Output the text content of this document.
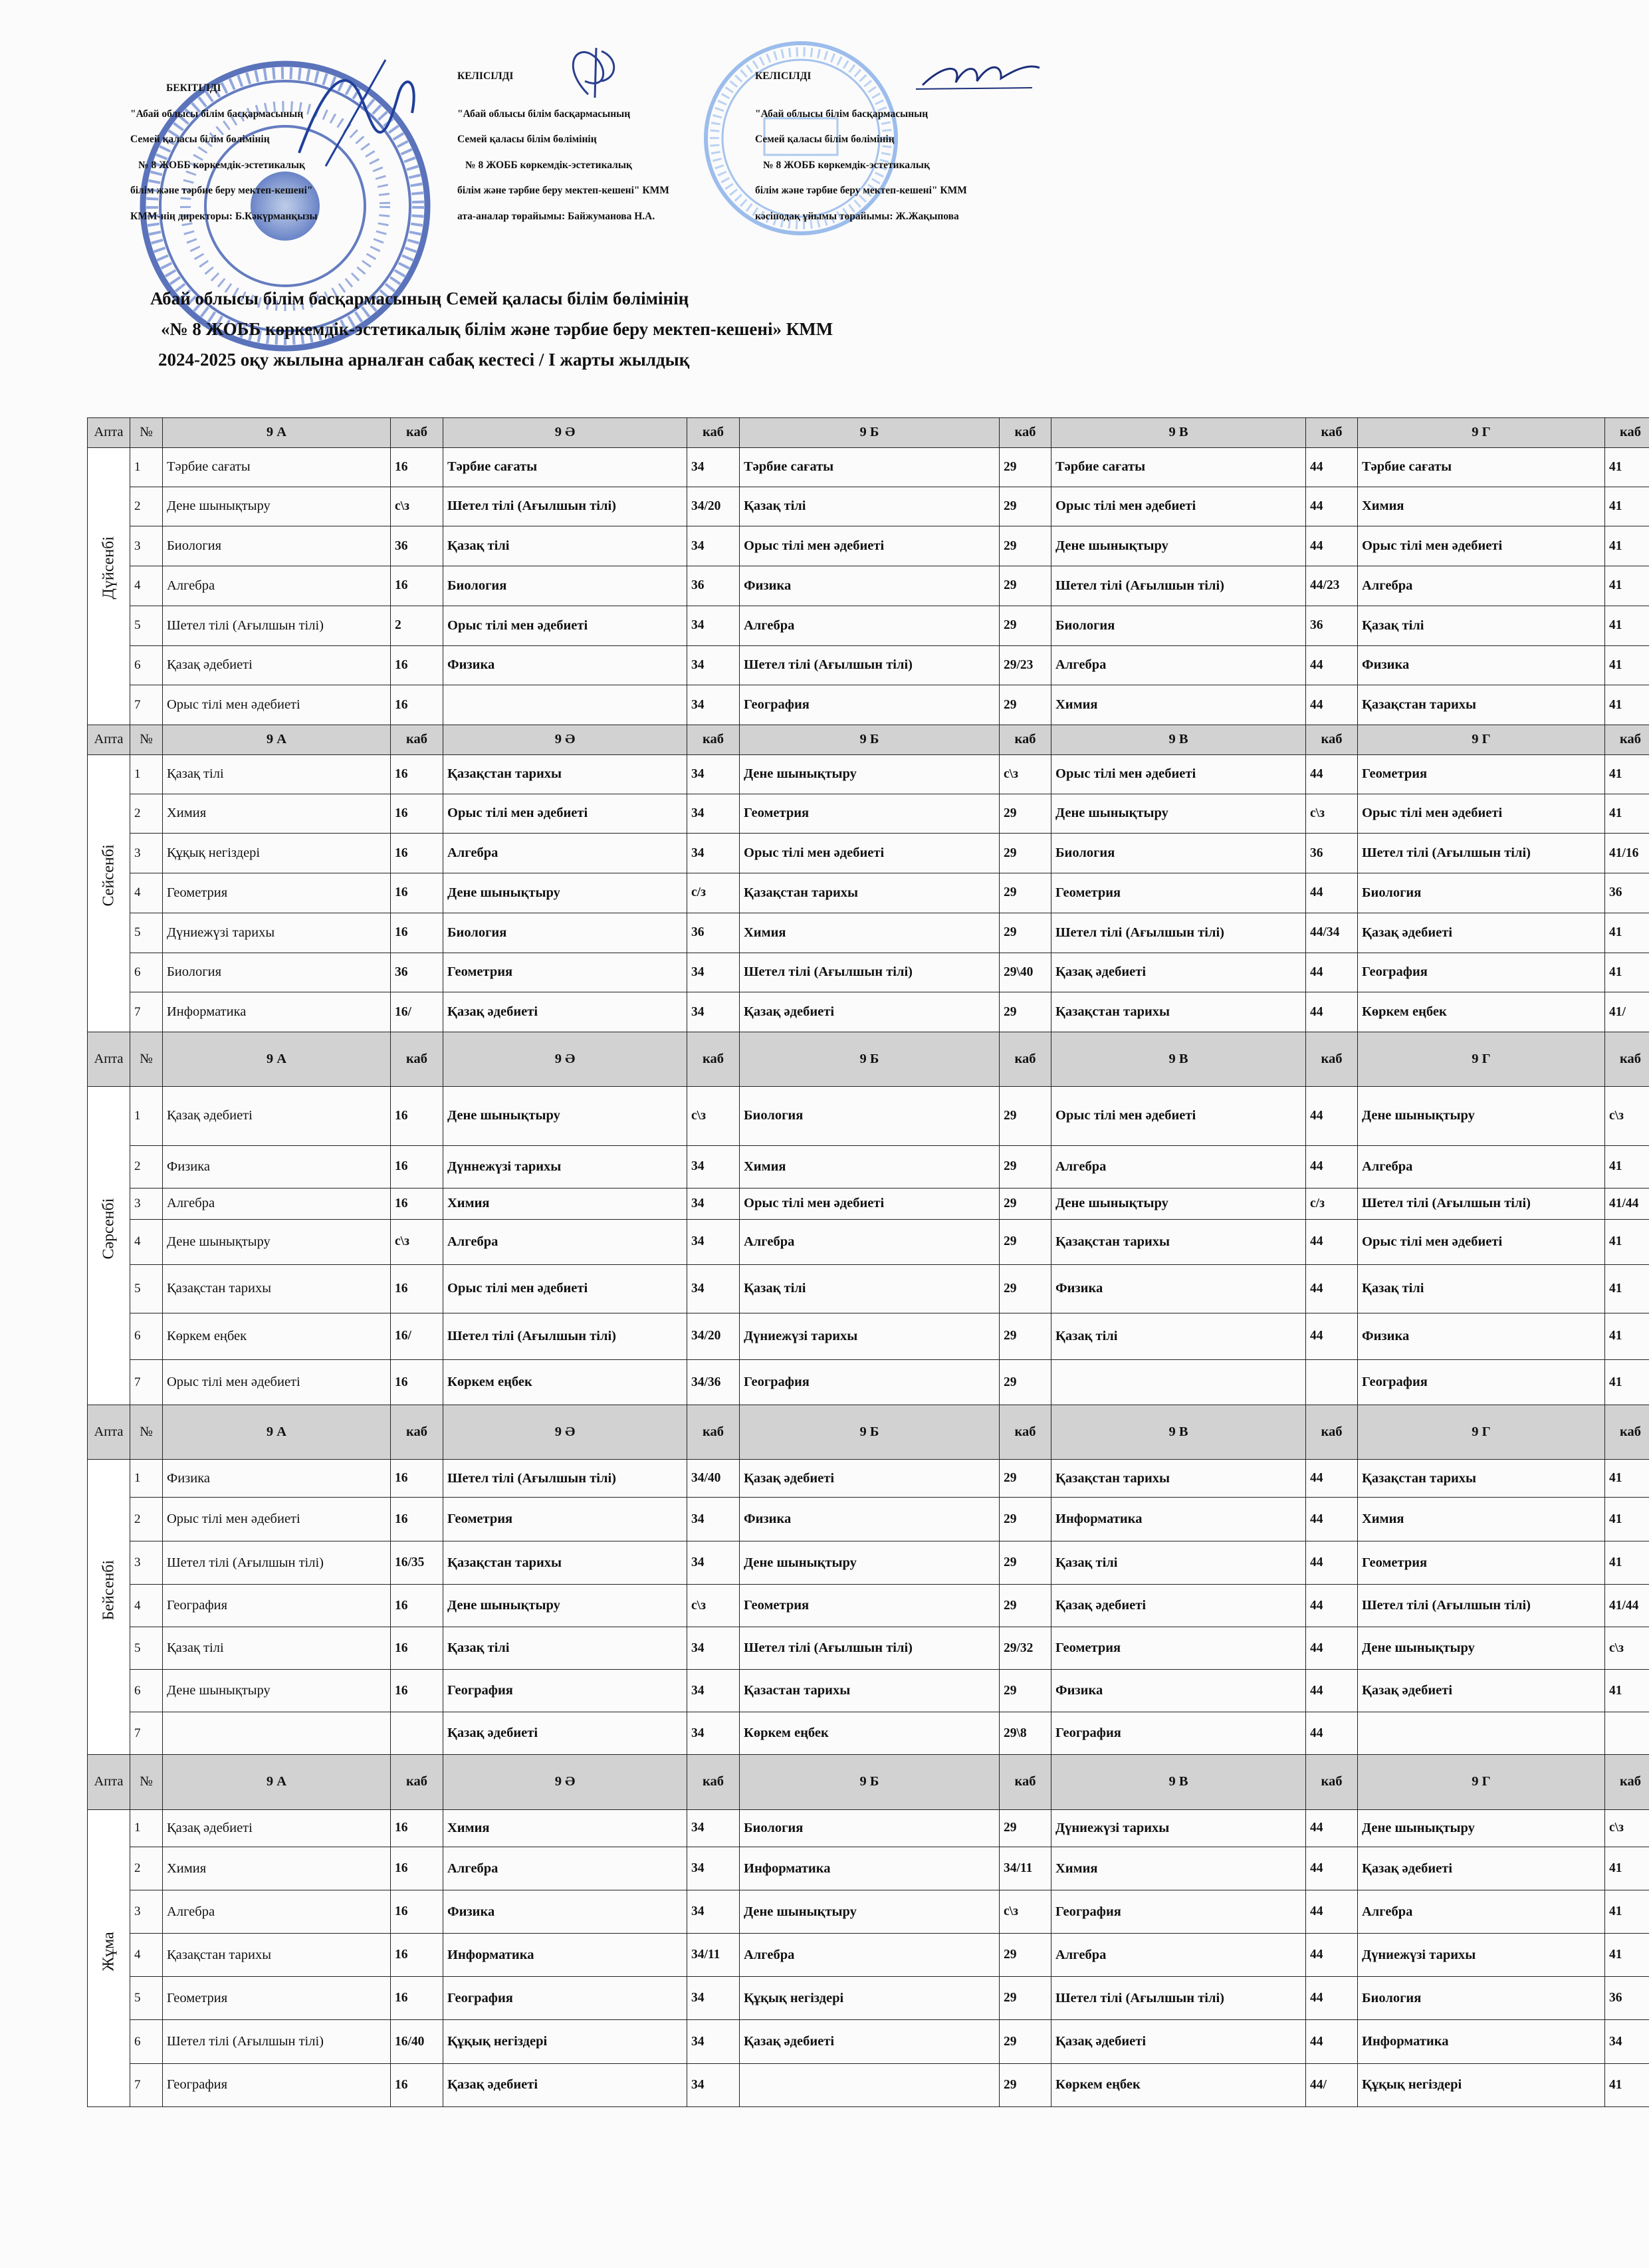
БЕКІТІЛДІ
"Абай облысы білім басқармасының
Семей қаласы білім бөлімінің
№ 8 ЖОББ көркемдік-эстетикалық
білім және тәрбие беру мектеп-кешені"
КММ-нің директоры: Б.Кәкүрманқызы
КЕЛІСІЛДІ
"Абай облысы білім басқармасының
Семей қаласы білім бөлімінің
№ 8 ЖОББ көркемдік-эстетикалық
білім және тәрбие беру мектеп-кешені" КММ
ата-аналар төрайымы: Байжуманова Н.А.
КЕЛІСІЛДІ
"Абай облысы білім басқармасының
Семей қаласы білім бөлімінің
№ 8 ЖОББ көркемдік-эстетикалық
білім және тәрбие беру мектеп-кешені" КММ
кәсіподақ ұйымы төрайымы: Ж.Жақыпова
Абай облысы білім басқармасының Семей қаласы білім бөлімінің
«№ 8 ЖОББ көркемдік-эстетикалық білім және тәрбие беру мектеп-кешені» КММ
2024-2025 оқу жылына арналған сабақ кестесі / І жарты жылдық
Апта	№	9 А	каб	9 Ә	каб	9 Б	каб	9 В	каб	9 Г	каб

Дүйсенбі	1	Тәрбие сағаты	16	Тәрбие сағаты	34	Тәрбие сағаты	29	Тәрбие сағаты	44	Тәрбие сағаты	41
	2	Дене шынықтыру	с\з	Шетел тілі (Ағылшын тілі)	34/20	Қазақ тілі	29	Орыс тілі мен әдебиеті	44	Химия	41
	3	Биология	36	Қазақ тілі	34	Орыс тілі мен әдебиеті	29	Дене шынықтыру	44	Орыс тілі мен әдебиеті	41
	4	Алгебра	16	Биология	36	Физика	29	Шетел тілі (Ағылшын тілі)	44/23	Алгебра	41
	5	Шетел тілі (Ағылшын тілі)	2	Орыс тілі мен әдебиеті	34	Алгебра	29	Биология	36	Қазақ тілі	41
	6	Қазақ әдебиеті	16	Физика	34	Шетел тілі (Ағылшын тілі)	29/23	Алгебра	44	Физика	41
	7	Орыс тілі мен әдебиеті	16		34	География	29	Химия	44	Қазақстан тарихы	41
Апта	№	9 А	каб	9 Ә	каб	9 Б	каб	9 В	каб	9 Г	каб

Сейсенбі	1	Қазақ тілі	16	Қазақстан тарихы	34	Дене шынықтыру	с\з	Орыс тілі мен әдебиеті	44	Геометрия	41
	2	Химия	16	Орыс тілі мен әдебиеті	34	Геометрия	29	Дене шынықтыру	с\з	Орыс тілі мен әдебиеті	41
	3	Құқық негіздері	16	Алгебра	34	Орыс тілі мен әдебиеті	29	Биология	36	Шетел тілі (Ағылшын тілі)	41/16
	4	Геометрия	16	Дене шынықтыру	с/з	Қазақстан тарихы	29	Геометрия	44	Биология	36
	5	Дүниежүзі тарихы	16	Биология	36	Химия	29	Шетел тілі (Ағылшын тілі)	44/34	Қазақ әдебиеті	41
	6	Биология	36	Геометрия	34	Шетел тілі (Ағылшын тілі)	29\40	Қазақ әдебиеті	44	География	41
	7	Информатика	16/	Қазақ әдебиеті	34	Қазақ әдебиеті	29	Қазақстан тарихы	44	Көркем еңбек	41/
Апта	№	9 А	каб	9 Ә	каб	9 Б	каб	9 В	каб	9 Г	каб

Сәрсенбі	1	Қазақ әдебиеті	16	Дене шынықтыру	с\з	Биология	29	Орыс тілі мен әдебиеті	44	Дене шынықтыру	с\з
	2	Физика	16	Дүннежүзі тарихы	34	Химия	29	Алгебра	44	Алгебра	41
	3	Алгебра	16	Химия	34	Орыс тілі мен әдебиеті	29	Дене шынықтыру	с/з	Шетел тілі (Ағылшын тілі)	41/44
	4	Дене шынықтыру	с\з	Алгебра	34	Алгебра	29	Қазақстан тарихы	44	Орыс тілі мен әдебиеті	41
	5	Қазақстан тарихы	16	Орыс тілі мен әдебиеті	34	Қазақ тілі	29	Физика	44	Қазақ тілі	41
	6	Көркем еңбек	16/	Шетел тілі (Ағылшын тілі)	34/20	Дүниежүзі тарихы	29	Қазақ тілі	44	Физика	41
	7	Орыс тілі мен әдебиеті	16	Көркем еңбек	34/36	География	29			География	41
Апта	№	9 А	каб	9 Ә	каб	9 Б	каб	9 В	каб	9 Г	каб

Бейсенбі	1	Физика	16	Шетел тілі (Ағылшын тілі)	34/40	Қазақ әдебиеті	29	Қазақстан тарихы	44	Қазақстан тарихы	41
	2	Орыс тілі мен әдебиеті	16	Геометрия	34	Физика	29	Информатика	44	Химия	41
	3	Шетел тілі (Ағылшын тілі)	16/35	Қазақстан тарихы	34	Дене шынықтыру	29	Қазақ тілі	44	Геометрия	41
	4	География	16	Дене шынықтыру	с\з	Геометрия	29	Қазақ әдебиеті	44	Шетел тілі (Ағылшын тілі)	41/44
	5	Қазақ тілі	16	Қазақ тілі	34	Шетел тілі (Ағылшын тілі)	29/32	Геометрия	44	Дене шынықтыру	с\з
	6	Дене шынықтыру	16	География	34	Қазастан тарихы	29	Физика	44	Қазақ әдебиеті	41
	7			Қазақ әдебиеті	34	Көркем еңбек	29\8	География	44		
Апта	№	9 А	каб	9 Ә	каб	9 Б	каб	9 В	каб	9 Г	каб

Жұма	1	Қазақ әдебиеті	16	Химия	34	Биология	29	Дүниежүзі тарихы	44	Дене шынықтыру	с\з
	2	Химия	16	Алгебра	34	Информатика	34/11	Химия	44	Қазақ әдебиеті	41
	3	Алгебра	16	Физика	34	Дене шынықтыру	с\з	География	44	Алгебра	41
	4	Қазақстан тарихы	16	Информатика	34/11	Алгебра	29	Алгебра	44	Дүниежүзі тарихы	41
	5	Геометрия	16	География	34	Құқық негіздері	29	Шетел тілі (Ағылшын тілі)	44	Биология	36
	6	Шетел тілі (Ағылшын тілі)	16/40	Құқық негіздері	34	Қазақ әдебиеті	29	Қазақ әдебиеті	44	Информатика	34
	7	География	16	Қазақ әдебиеті	34		29	Көркем еңбек	44/	Құқық негіздері	41
